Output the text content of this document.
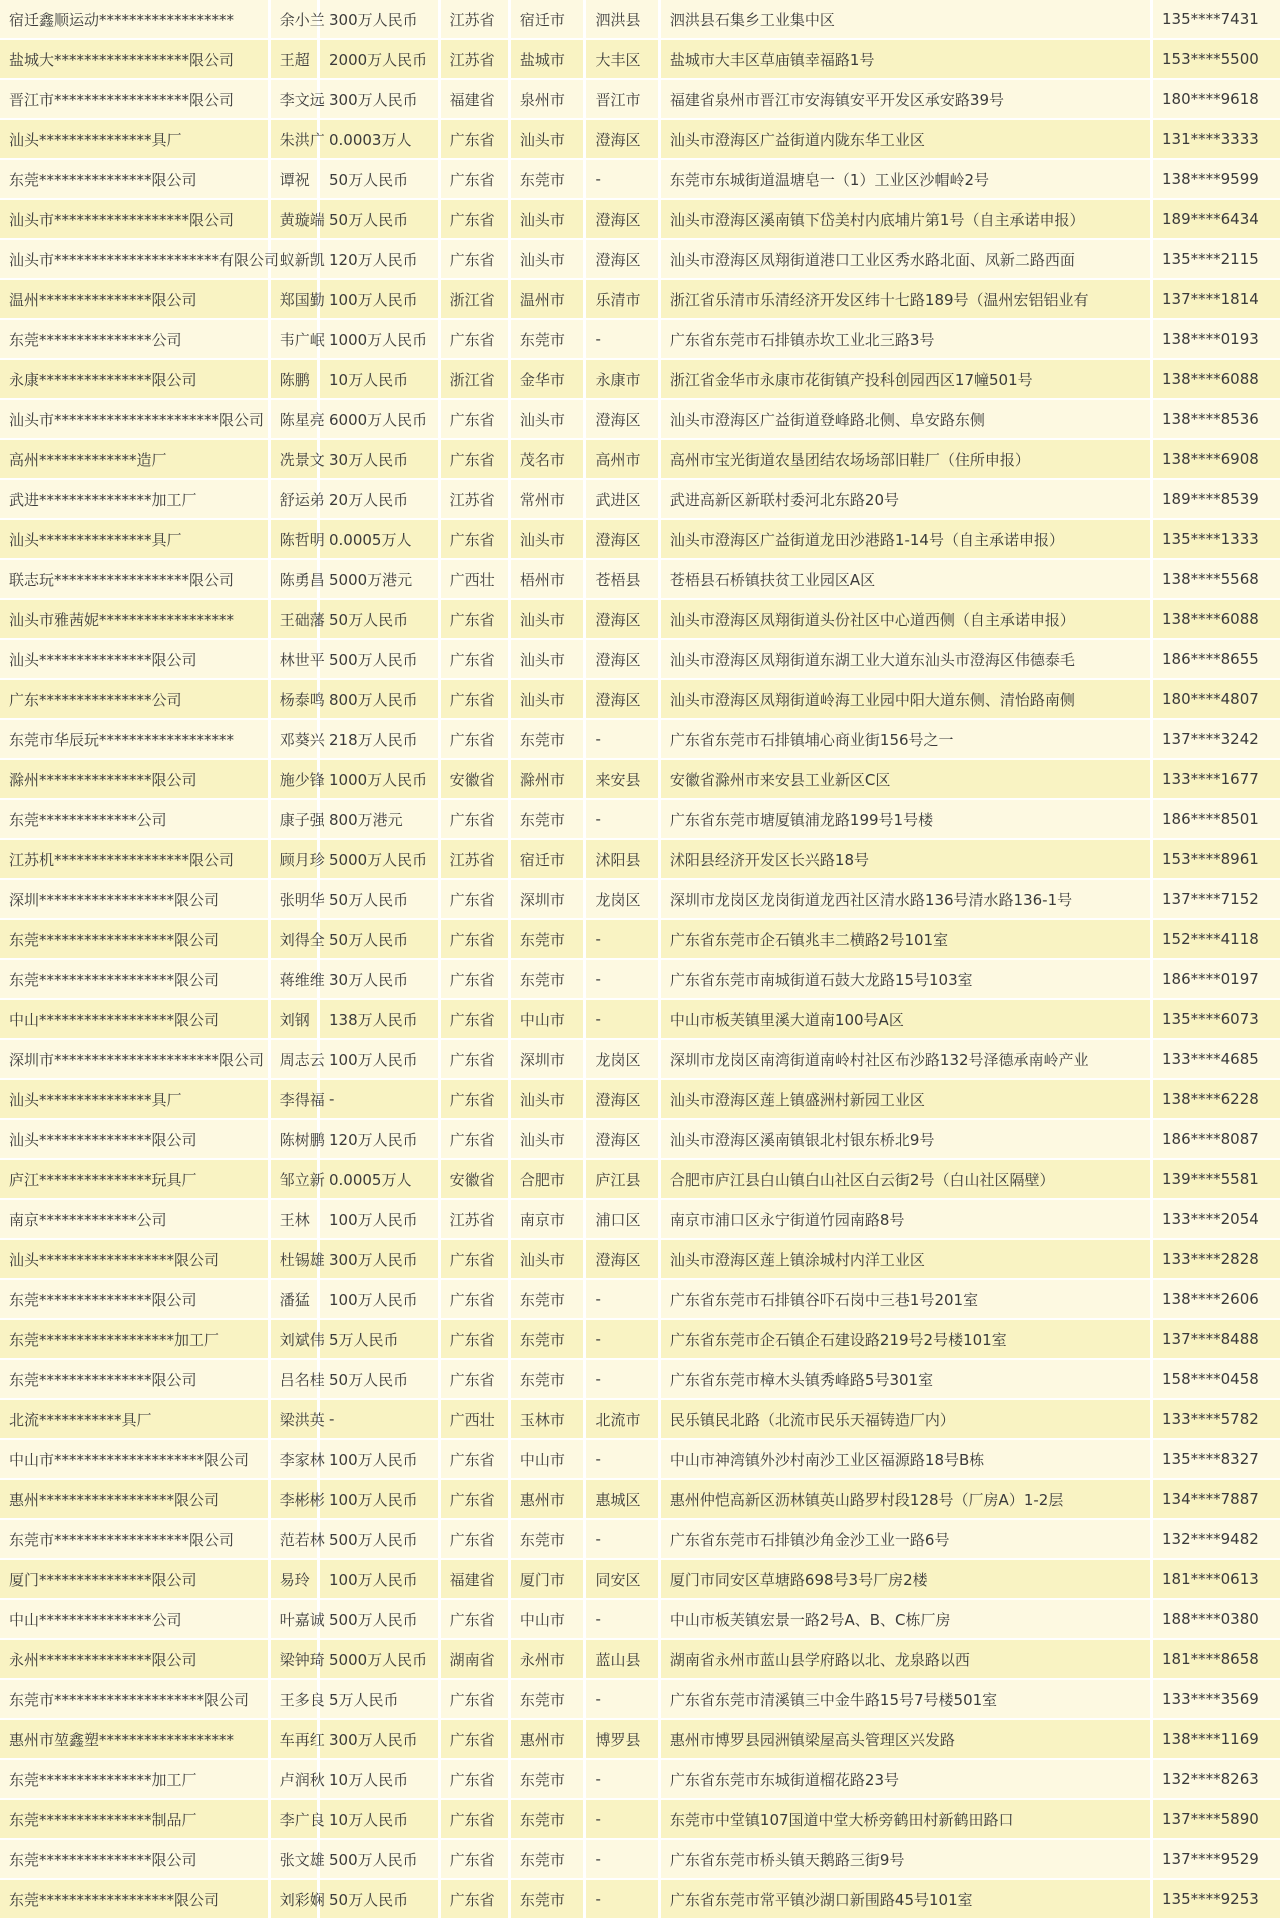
宿迁鑫顺运动******************	余小兰	300万人民币	江苏省	宿迁市	泗洪县	泗洪县石集乡工业集中区	135****7431
盐城大******************限公司	王超	2000万人民币	江苏省	盐城市	大丰区	盐城市大丰区草庙镇幸福路1号	153****5500
晋江市******************限公司	李文远	300万人民币	福建省	泉州市	晋江市	福建省泉州市晋江市安海镇安平开发区承安路39号	180****9618
汕头***************具厂	朱洪广	0.0003万人	广东省	汕头市	澄海区	汕头市澄海区广益街道内陇东华工业区	131****3333
东莞***************限公司	谭祝	50万人民币	广东省	东莞市	-	东莞市东城街道温塘皂一（1）工业区沙帽岭2号	138****9599
汕头市******************限公司	黄璇端	50万人民币	广东省	汕头市	澄海区	汕头市澄海区溪南镇下岱美村内底埔片第1号（自主承诺申报）	189****6434
汕头市**********************有限公司	蚁新凯	120万人民币	广东省	汕头市	澄海区	汕头市澄海区凤翔街道港口工业区秀水路北面、凤新二路西面	135****2115
温州***************限公司	郑国勤	100万人民币	浙江省	温州市	乐清市	浙江省乐清市乐清经济开发区纬十七路189号（温州宏铝铝业有	137****1814
东莞***************公司	韦广岷	1000万人民币	广东省	东莞市	-	广东省东莞市石排镇赤坎工业北三路3号	138****0193
永康***************限公司	陈鹏	10万人民币	浙江省	金华市	永康市	浙江省金华市永康市花街镇产投科创园西区17幢501号	138****6088
汕头市**********************限公司	陈星亮	6000万人民币	广东省	汕头市	澄海区	汕头市澄海区广益街道登峰路北侧、阜安路东侧	138****8536
高州*************造厂	冼景文	30万人民币	广东省	茂名市	高州市	高州市宝光街道农垦团结农场场部旧鞋厂（住所申报）	138****6908
武进***************加工厂	舒运弟	20万人民币	江苏省	常州市	武进区	武进高新区新联村委河北东路20号	189****8539
汕头***************具厂	陈哲明	0.0005万人	广东省	汕头市	澄海区	汕头市澄海区广益街道龙田沙港路1-14号（自主承诺申报）	135****1333
联志玩******************限公司	陈勇昌	5000万港元	广西壮	梧州市	苍梧县	苍梧县石桥镇扶贫工业园区A区	138****5568
汕头市雅茜妮******************	王础藩	50万人民币	广东省	汕头市	澄海区	汕头市澄海区凤翔街道头份社区中心道西侧（自主承诺申报）	138****6088
汕头***************限公司	林世平	500万人民币	广东省	汕头市	澄海区	汕头市澄海区凤翔街道东湖工业大道东汕头市澄海区伟德泰毛	186****8655
广东***************公司	杨泰鸣	800万人民币	广东省	汕头市	澄海区	汕头市澄海区凤翔街道岭海工业园中阳大道东侧、清怡路南侧	180****4807
东莞市华辰玩******************	邓葵兴	218万人民币	广东省	东莞市	-	广东省东莞市石排镇埔心商业街156号之一	137****3242
滁州***************限公司	施少锋	1000万人民币	安徽省	滁州市	来安县	安徽省滁州市来安县工业新区C区	133****1677
东莞*************公司	康子强	800万港元	广东省	东莞市	-	广东省东莞市塘厦镇浦龙路199号1号楼	186****8501
江苏机******************限公司	顾月珍	5000万人民币	江苏省	宿迁市	沭阳县	沭阳县经济开发区长兴路18号	153****8961
深圳******************限公司	张明华	50万人民币	广东省	深圳市	龙岗区	深圳市龙岗区龙岗街道龙西社区清水路136号清水路136-1号	137****7152
东莞******************限公司	刘得全	50万人民币	广东省	东莞市	-	广东省东莞市企石镇兆丰二横路2号101室	152****4118
东莞******************限公司	蒋维维	30万人民币	广东省	东莞市	-	广东省东莞市南城街道石鼓大龙路15号103室	186****0197
中山******************限公司	刘钢	138万人民币	广东省	中山市	-	中山市板芙镇里溪大道南100号A区	135****6073
深圳市**********************限公司	周志云	100万人民币	广东省	深圳市	龙岗区	深圳市龙岗区南湾街道南岭村社区布沙路132号泽德承南岭产业	133****4685
汕头***************具厂	李得福	-	广东省	汕头市	澄海区	汕头市澄海区莲上镇盛洲村新园工业区	138****6228
汕头***************限公司	陈树鹏	120万人民币	广东省	汕头市	澄海区	汕头市澄海区溪南镇银北村银东桥北9号	186****8087
庐江***************玩具厂	邹立新	0.0005万人	安徽省	合肥市	庐江县	合肥市庐江县白山镇白山社区白云街2号（白山社区隔壁）	139****5581
南京*************公司	王林	100万人民币	江苏省	南京市	浦口区	南京市浦口区永宁街道竹园南路8号	133****2054
汕头******************限公司	杜锡雄	300万人民币	广东省	汕头市	澄海区	汕头市澄海区莲上镇涂城村内洋工业区	133****2828
东莞***************限公司	潘猛	100万人民币	广东省	东莞市	-	广东省东莞市石排镇谷吓石岗中三巷1号201室	138****2606
东莞******************加工厂	刘斌伟	5万人民币	广东省	东莞市	-	广东省东莞市企石镇企石建设路219号2号楼101室	137****8488
东莞***************限公司	吕名桂	50万人民币	广东省	东莞市	-	广东省东莞市樟木头镇秀峰路5号301室	158****0458
北流***********具厂	梁洪英	-	广西壮	玉林市	北流市	民乐镇民北路（北流市民乐天福铸造厂内）	133****5782
中山市********************限公司	李家林	100万人民币	广东省	中山市	-	中山市神湾镇外沙村南沙工业区福源路18号B栋	135****8327
惠州******************限公司	李彬彬	100万人民币	广东省	惠州市	惠城区	惠州仲恺高新区沥林镇英山路罗村段128号（厂房A）1-2层	134****7887
东莞市******************限公司	范若林	500万人民币	广东省	东莞市	-	广东省东莞市石排镇沙角金沙工业一路6号	132****9482
厦门***************限公司	易玲	100万人民币	福建省	厦门市	同安区	厦门市同安区草塘路698号3号厂房2楼	181****0613
中山***************公司	叶嘉诚	500万人民币	广东省	中山市	-	中山市板芙镇宏景一路2号A、B、C栋厂房	188****0380
永州***************限公司	梁钟琦	5000万人民币	湖南省	永州市	蓝山县	湖南省永州市蓝山县学府路以北、龙泉路以西	181****8658
东莞市********************限公司	王多良	5万人民币	广东省	东莞市	-	广东省东莞市清溪镇三中金牛路15号7号楼501室	133****3569
惠州市堃鑫塑******************	车再红	300万人民币	广东省	惠州市	博罗县	惠州市博罗县园洲镇梁屋高头管理区兴发路	138****1169
东莞***************加工厂	卢润秋	10万人民币	广东省	东莞市	-	广东省东莞市东城街道榴花路23号	132****8263
东莞***************制品厂	李广良	10万人民币	广东省	东莞市	-	东莞市中堂镇107国道中堂大桥旁鹤田村新鹤田路口	137****5890
东莞***************限公司	张文雄	500万人民币	广东省	东莞市	-	广东省东莞市桥头镇天鹅路三街9号	137****9529
东莞******************限公司	刘彩娴	50万人民币	广东省	东莞市	-	广东省东莞市常平镇沙湖口新围路45号101室	135****9253
